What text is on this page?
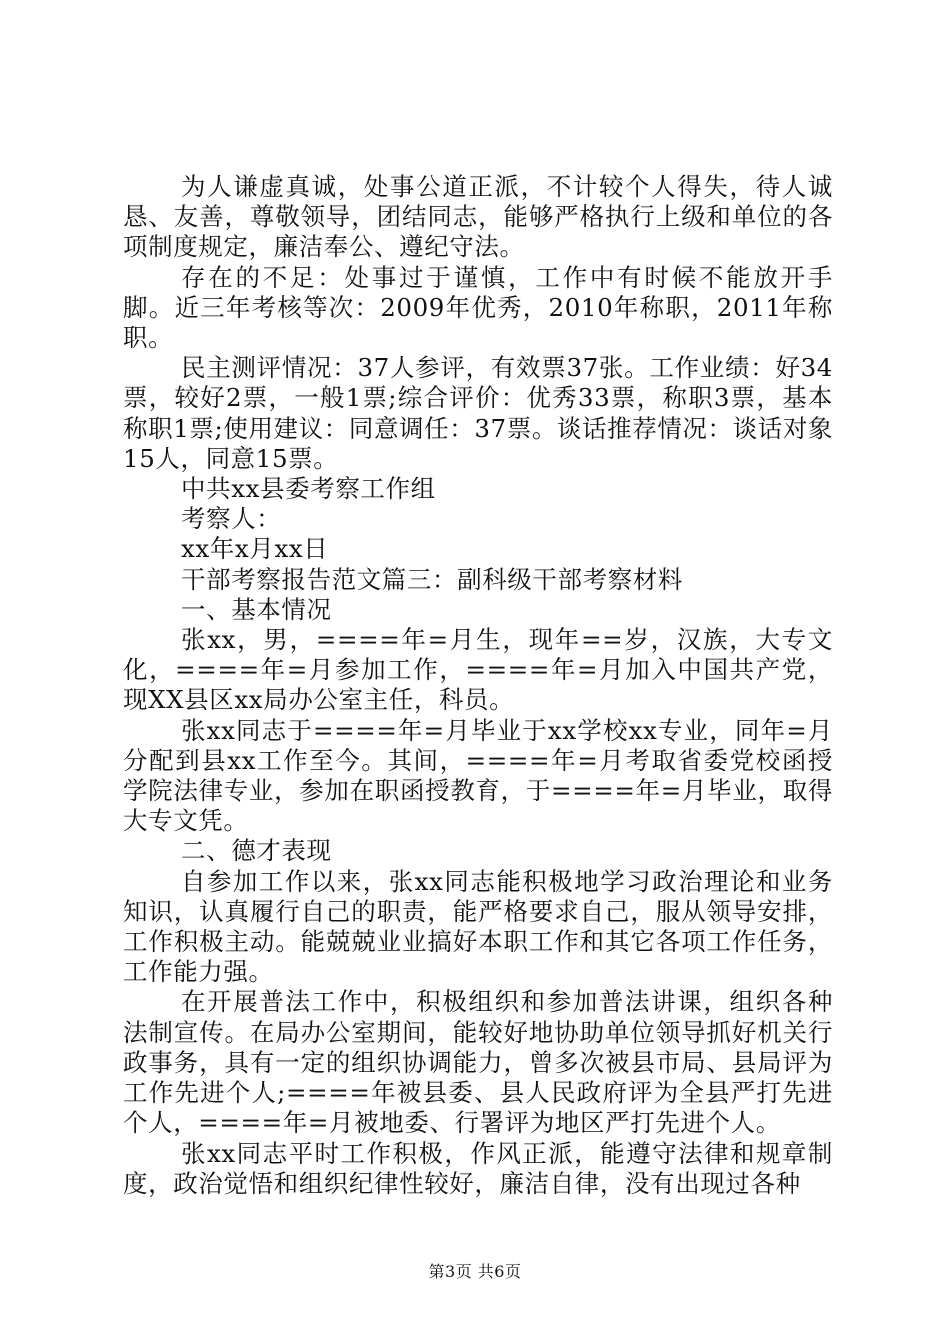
为人谦虚真诚，处事公道正派，不计较个人得失，待人诚恳、友善，尊敬领导，团结同志，能够严格执行上级和单位的各项制度规定，廉洁奉公、遵纪守法。

存在的不足：处事过于谨慎，工作中有时候不能放开手脚。近三年考核等次：2009年优秀，2010年称职，2011年称职。

民主测评情况：37人参评，有效票37张。工作业绩：好34票，较好2票，一般1票;综合评价：优秀33票，称职3票，基本称职1票;使用建议：同意调任：37票。谈话推荐情况：谈话对象15人，同意15票。

中共xx县委考察工作组

考察人：

xx年x月xx日

干部考察报告范文篇三：副科级干部考察材料

一、基本情况

张xx，男，====年=月生，现年==岁，汉族，大专文化，====年=月参加工作，====年=月加入中国共产党，现XX县区xx局办公室主任，科员。

张xx同志于====年=月毕业于xx学校xx专业，同年=月分配到县xx工作至今。其间，====年=月考取省委党校函授学院法律专业，参加在职函授教育，于====年=月毕业，取得大专文凭。

二、德才表现

自参加工作以来，张xx同志能积极地学习政治理论和业务知识，认真履行自己的职责，能严格要求自己，服从领导安排，工作积极主动。能兢兢业业搞好本职工作和其它各项工作任务，工作能力强。

在开展普法工作中，积极组织和参加普法讲课，组织各种法制宣传。在局办公室期间，能较好地协助单位领导抓好机关行政事务，具有一定的组织协调能力，曾多次被县市局、县局评为工作先进个人;====年被县委、县人民政府评为全县严打先进个人，====年=月被地委、行署评为地区严打先进个人。

张xx同志平时工作积极，作风正派，能遵守法律和规章制度，政治觉悟和组织纪律性较好，廉洁自律，没有出现过各种

第3页 共6页
